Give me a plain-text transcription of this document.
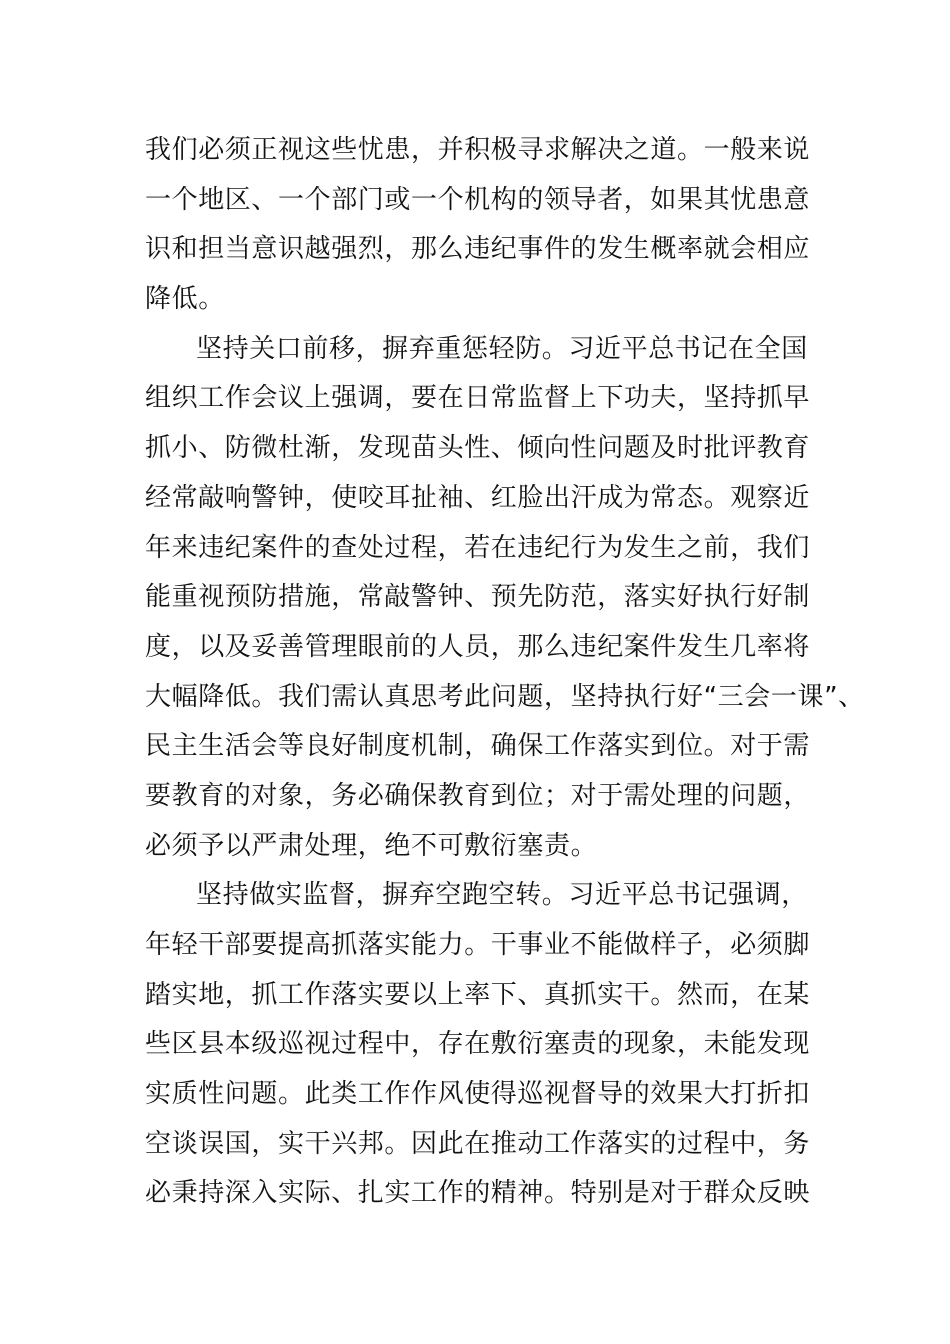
我们必须正视这些忧患，并积极寻求解决之道。一般来说
一个地区、一个部门或一个机构的领导者，如果其忧患意
识和担当意识越强烈，那么违纪事件的发生概率就会相应
降低。
坚持关口前移，摒弃重惩轻防。习近平总书记在全国
组织工作会议上强调，要在日常监督上下功夫，坚持抓早
抓小、防微杜渐，发现苗头性、倾向性问题及时批评教育
经常敲响警钟，使咬耳扯袖、红脸出汗成为常态。观察近
年来违纪案件的查处过程，若在违纪行为发生之前，我们
能重视预防措施，常敲警钟、预先防范，落实好执行好制
度，以及妥善管理眼前的人员，那么违纪案件发生几率将
大幅降低。我们需认真思考此问题，坚持执行好“三会一课”、
民主生活会等良好制度机制，确保工作落实到位。对于需
要教育的对象，务必确保教育到位；对于需处理的问题，
必须予以严肃处理，绝不可敷衍塞责。
坚持做实监督，摒弃空跑空转。习近平总书记强调，
年轻干部要提高抓落实能力。干事业不能做样子，必须脚
踏实地，抓工作落实要以上率下、真抓实干。然而，在某
些区县本级巡视过程中，存在敷衍塞责的现象，未能发现
实质性问题。此类工作作风使得巡视督导的效果大打折扣
空谈误国，实干兴邦。因此在推动工作落实的过程中，务
必秉持深入实际、扎实工作的精神。特别是对于群众反映
